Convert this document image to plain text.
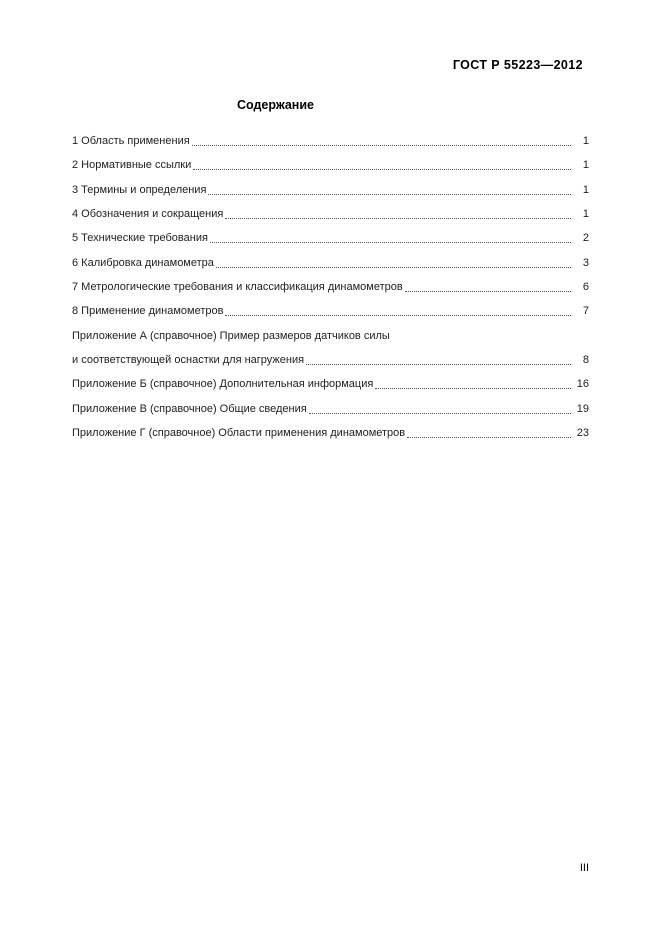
ГОСТ Р 55223—2012
Содержание
1 Область применения	1
2 Нормативные ссылки	1
3 Термины и определения	1
4 Обозначения и сокращения	1
5 Технические требования	2
6 Калибровка динамометра	3
7 Метрологические требования и классификация динамометров	6
8 Применение динамометров	7
Приложение А (справочное) Пример размеров датчиков силы
и соответствующей оснастки для нагружения	8
Приложение Б (справочное) Дополнительная информация	16
Приложение В (справочное) Общие сведения	19
Приложение Г (справочное) Области применения динамометров	23
III
